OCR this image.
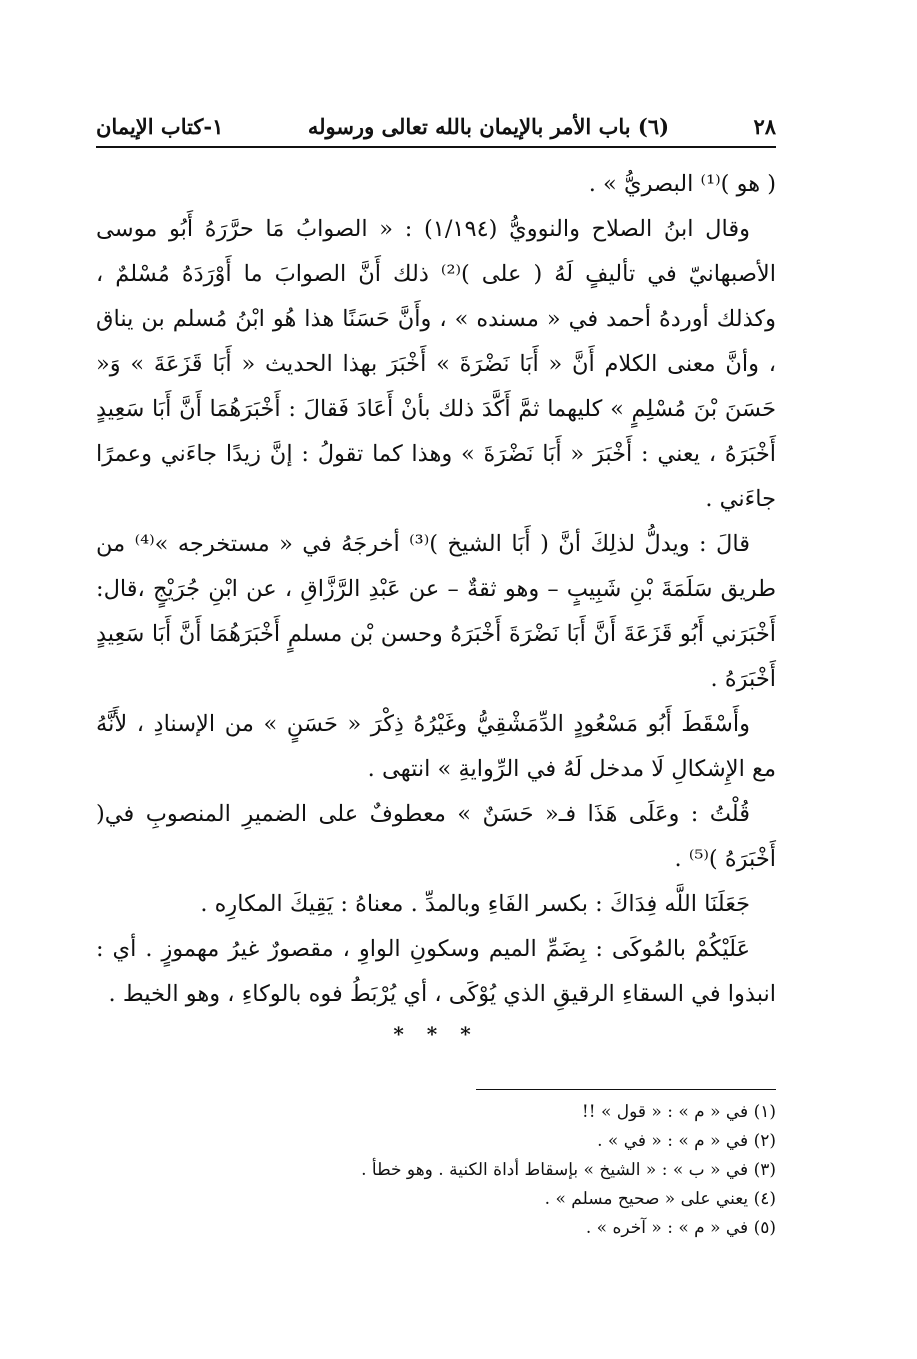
٢٨
(٦) باب الأمر بالإيمان بالله تعالى ورسوله
١-كتاب الإيمان

( هو )⁽¹⁾ البصريُّ » .

وقال ابنُ الصلاح والنوويُّ (١/١٩٤) : « الصوابُ مَا حرَّرَهُ أَبُو موسى الأصبهانيّ في تأليفٍ لَهُ ( على )⁽²⁾ ذلك أَنَّ الصوابَ ما أَوْرَدَهُ مُسْلمٌ ، وكذلك أوردهُ أحمد في « مسنده » ، وأَنَّ حَسَنًا هذا هُو ابْنُ مُسلم بن يناق ، وأنَّ معنى الكلام أَنَّ « أَبَا نَضْرَةَ » أَخْبَرَ بهذا الحديث « أَبَا قَزَعَةَ » وَ« حَسَنَ بْنَ مُسْلِمٍ » كليهما ثمَّ أَكَّدَ ذلك بأنْ أَعَادَ فَقالَ : أَخْبَرَهُمَا أَنَّ أَبَا سَعِيدٍ أَخْبَرَهُ ، يعني : أَخْبَرَ « أَبَا نَضْرَةَ » وهذا كما تقولُ : إنَّ زيدًا جاءَني وعمرًا جاءَني .

قالَ : ويدلُّ لذلِكَ أنَّ ( أَبَا الشيخ )⁽³⁾ أخرجَهُ في « مستخرجه »⁽⁴⁾ من طريق سَلَمَةَ بْنِ شَبِيبٍ – وهو ثقةٌ – عن عَبْدِ الرَّزَّاقِ ، عن ابْنِ جُرَيْجٍ ،قال: أَخْبَرَني أَبُو قَزَعَةَ أَنَّ أَبَا نَضْرَةَ أَخْبَرَهُ وحسن بْن مسلمٍ أَخْبَرَهُمَا أَنَّ أَبَا سَعِيدٍ أَخْبَرَهُ .

وأَسْقَطَ أَبُو مَسْعُودٍ الدِّمَشْقِيُّ وغَيْرُهُ ذِكْرَ « حَسَنٍ » من الإسنادِ ، لأَنَّهُ مع الإِشكالِ لَا مدخل لَهُ في الرِّوايةِ » انتهى .

قُلْتُ : وعَلَى هَذَا فـ« حَسَنٌ » معطوفٌ على الضميرِ المنصوبِ في( أَخْبَرَهُ )⁽⁵⁾ .

جَعَلَنَا اللَّه فِدَاكَ : بكسر الفَاءِ وبالمدِّ . معناهُ : يَقِيكَ المكارِه .

عَلَيْكُمْ بالمُوكَى : بِضَمِّ الميم وسكونِ الواوِ ، مقصورٌ غيرُ مهموزٍ . أي : انبذوا في السقاءِ الرقيقِ الذي يُوْكَى ، أي يُرْبَطُ فوه بالوكاءِ ، وهو الخيط .

* * *
(١) في « م » : « قول » !!
(٢) في « م » : « في » .
(٣) في « ب » : « الشيخ » بإسقاط أداة الكنية . وهو خطأ .
(٤) يعني على « صحيح مسلم » .
(٥) في « م » : « آخره » .
